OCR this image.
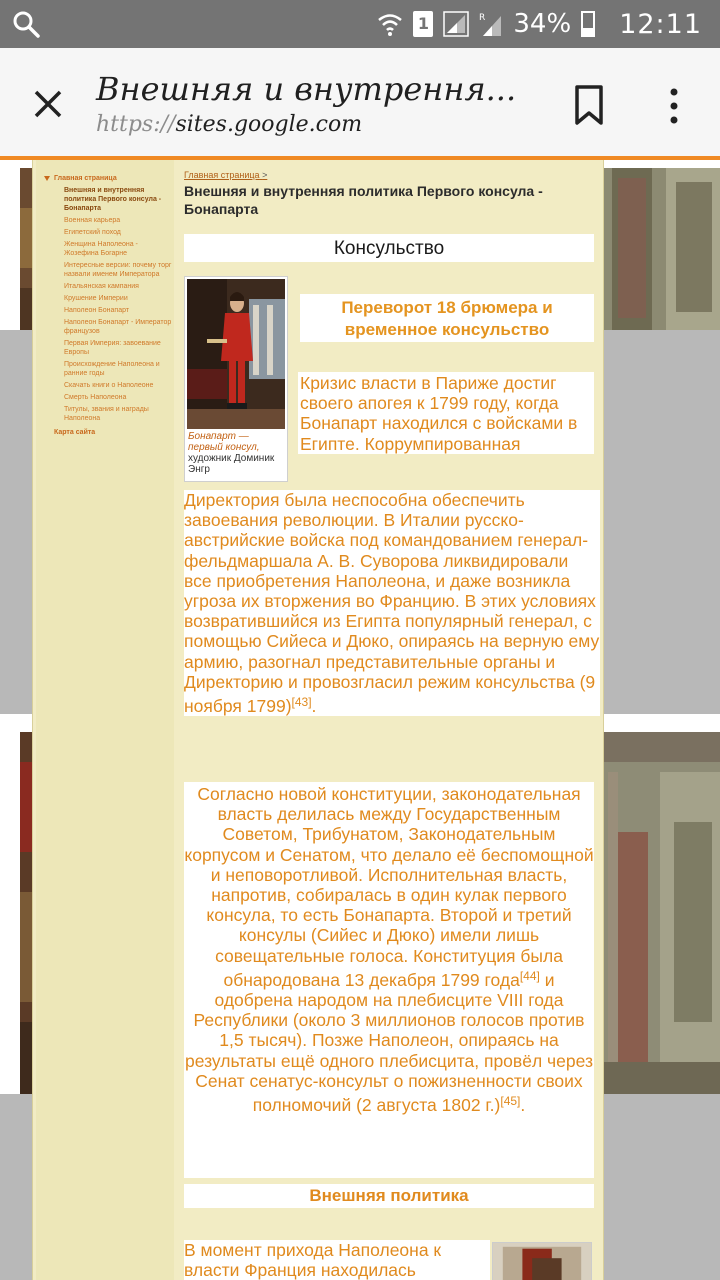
1	R 34% 12:11
Внешняя и внутрення...
https://sites.google.com
Главная страница
Внешняя и внутренняя политика Первого консула - Бонапарта
Военная карьера
Египетский поход
Женщина Наполеона - Жозефина Богарне
Интересные версии: почему торг назвали именем Императора
Итальянская кампания
Крушение Империи
Наполеон Бонапарт
Наполеон Бонапарт - Император французов
Первая Империя: завоевание Европы
Происхождение Наполеона и ранние годы
Скачать книги о Наполеоне
Смерть Наполеона
Титулы, звания и награды Наполеона
Карта сайта
Главная страница >
Внешняя и внутренняя политика Первого консула - Бонапарта
Консульство
Бонапарт — первый консул,
художник Доминик Энгр
Переворот 18 брюмера и временное консульство

Кризис власти в Париже достиг своего апогея к 1799 году, когда Бонапарт находился с войсками в Египте. Коррумпированная

Директория была неспособна обеспечить завоевания революции. В Италии русско-австрийские войска под командованием генерал-фельдмаршала А. В. Суворова ликвидировали все приобретения Наполеона, и даже возникла угроза их вторжения во Францию. В этих условиях возвратившийся из Египта популярный генерал, с помощью Сийеса и Дюко, опираясь на верную ему армию, разогнал представительные органы и Директорию и провозгласил режим консульства (9 ноября 1799)[43].

Согласно новой конституции, законодательная власть делилась между Государственным Советом, Трибунатом, Законодательным корпусом и Сенатом, что делало её беспомощной и неповоротливой. Исполнительная власть, напротив, собиралась в один кулак первого консула, то есть Бонапарта. Второй и третий консулы (Сийес и Дюко) имели лишь совещательные голоса. Конституция была обнародована 13 декабря 1799 года[44] и одобрена народом на плебисците VIII года Республики (около 3 миллионов голосов против 1,5 тысяч). Позже Наполеон, опираясь на результаты ещё одного плебисцита, провёл через Сенат сенатус-консульт о пожизненности своих полномочий (2 августа 1802 г.)[45].

Внешняя политика

В момент прихода Наполеона к власти Франция находилась
